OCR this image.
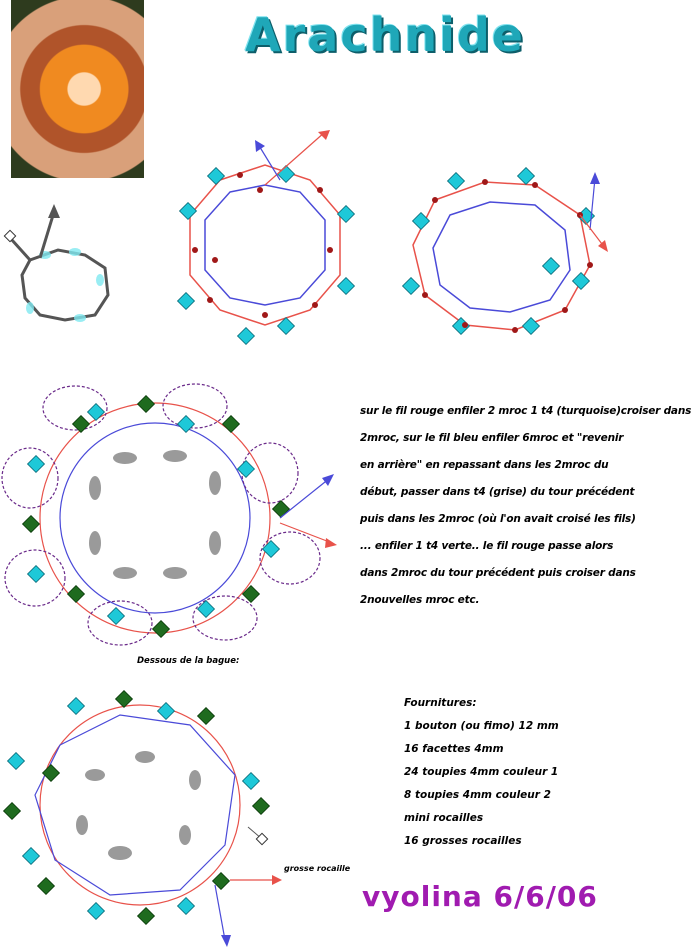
Arachnide
sur le fil rouge enfiler 2 mroc 1 t4 (turquoise)croiser dans
2mroc, sur le fil bleu enfiler 6mroc et "revenir
en arrière" en repassant dans les 2mroc du
début, passer dans t4 (grise) du tour précédent
puis dans les 2mroc (où l'on avait croisé les fils)
... enfiler 1 t4 verte.. le fil rouge passe alors
dans 2mroc du tour précédent puis croiser dans
2nouvelles mroc etc.
Dessous de la bague:
Fournitures:
1 bouton (ou fimo) 12 mm
16 facettes 4mm
24 toupies 4mm couleur 1
8 toupies 4mm couleur 2
mini rocailles
16 grosses rocailles
grosse rocaille
vyolina 6/6/06
